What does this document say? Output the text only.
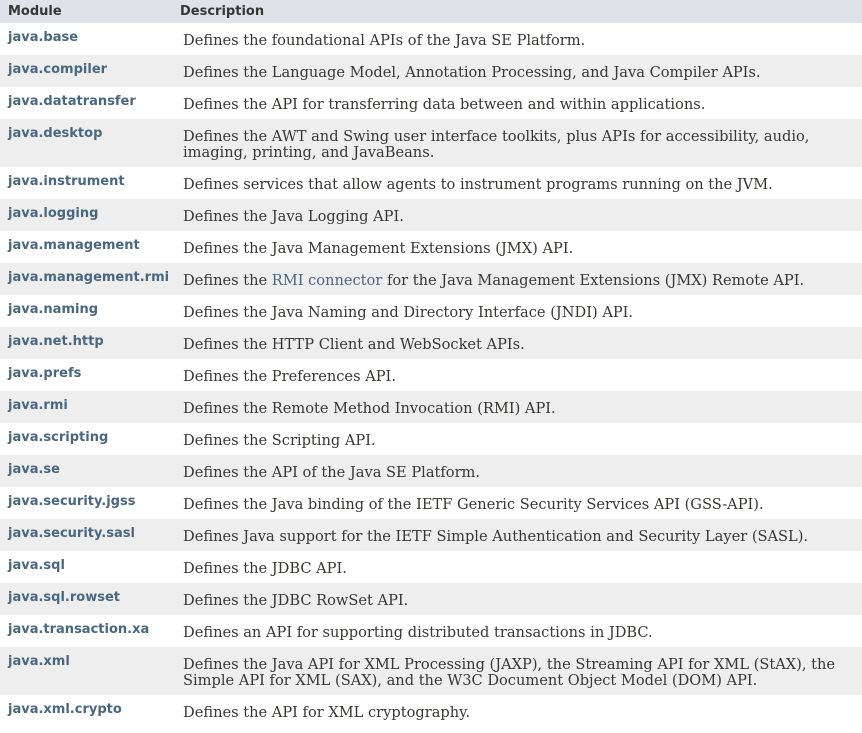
Module	Description
java.base	Defines the foundational APIs of the Java SE Platform.
java.compiler	Defines the Language Model, Annotation Processing, and Java Compiler APIs.
java.datatransfer	Defines the API for transferring data between and within applications.
java.desktop	Defines the AWT and Swing user interface toolkits, plus APIs for accessibility, audio, imaging, printing, and JavaBeans.
java.instrument	Defines services that allow agents to instrument programs running on the JVM.
java.logging	Defines the Java Logging API.
java.management	Defines the Java Management Extensions (JMX) API.
java.management.rmi	Defines the RMI connector for the Java Management Extensions (JMX) Remote API.
java.naming	Defines the Java Naming and Directory Interface (JNDI) API.
java.net.http	Defines the HTTP Client and WebSocket APIs.
java.prefs	Defines the Preferences API.
java.rmi	Defines the Remote Method Invocation (RMI) API.
java.scripting	Defines the Scripting API.
java.se	Defines the API of the Java SE Platform.
java.security.jgss	Defines the Java binding of the IETF Generic Security Services API (GSS-API).
java.security.sasl	Defines Java support for the IETF Simple Authentication and Security Layer (SASL).
java.sql	Defines the JDBC API.
java.sql.rowset	Defines the JDBC RowSet API.
java.transaction.xa	Defines an API for supporting distributed transactions in JDBC.
java.xml	Defines the Java API for XML Processing (JAXP), the Streaming API for XML (StAX), the Simple API for XML (SAX), and the W3C Document Object Model (DOM) API.
java.xml.crypto	Defines the API for XML cryptography.
